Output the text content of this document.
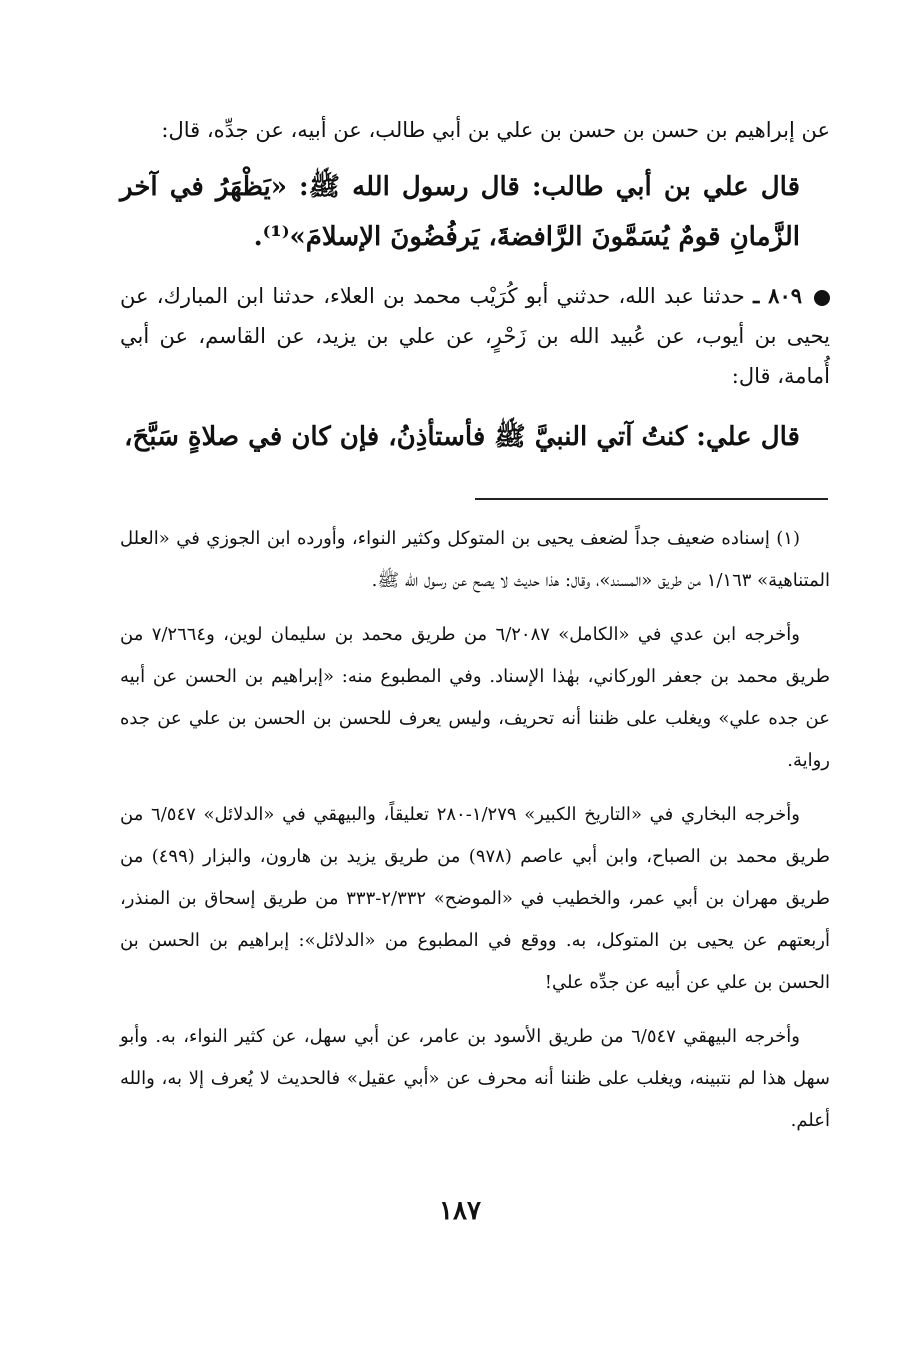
عن إبراهيم بن حسن بن حسن بن علي بن أبي طالب، عن أبيه، عن جدِّه، قال:

قال علي بن أبي طالب: قال رسول الله ﷺ: «يَظْهَرُ في آخر الزَّمانِ قومٌ يُسَمَّونَ الرَّافضةَ، يَرفُضُونَ الإسلامَ»⁽¹⁾.

٨٠٩ ـ حدثنا عبد الله، حدثني أبو كُرَيْب محمد بن العلاء، حدثنا ابن المبارك، عن يحيى بن أيوب، عن عُبيد الله بن زَحْرٍ، عن علي بن يزيد، عن القاسم، عن أبي أُمامة، قال:

قال علي: كنتُ آتي النبيَّ ﷺ فأستأذِنُ، فإن كان في صلاةٍ سَبَّحَ،

(١) إسناده ضعيف جداً لضعف يحيى بن المتوكل وكثير النواء، وأورده ابن الجوزي في «العلل المتناهية» ١/١٦٣ من طريق «المسند»، وقال: هذا حديث لا يصح عن رسول الله ﷺ.

وأخرجه ابن عدي في «الكامل» ٦/٢٠٨٧ من طريق محمد بن سليمان لوين، و٧/٢٦٦٤ من طريق محمد بن جعفر الوركاني، بهٰذا الإسناد. وفي المطبوع منه: «إبراهيم بن الحسن عن أبيه عن جده علي» ويغلب على ظننا أنه تحريف، وليس يعرف للحسن بن الحسن بن علي عن جده رواية.

وأخرجه البخاري في «التاريخ الكبير» ١/٢٧٩-٢٨٠ تعليقاً، والبيهقي في «الدلائل» ٦/٥٤٧ من طريق محمد بن الصباح، وابن أبي عاصم (٩٧٨) من طريق يزيد بن هارون، والبزار (٤٩٩) من طريق مهران بن أبي عمر، والخطيب في «الموضح» ٢/٣٣٢-٣٣٣ من طريق إسحاق بن المنذر، أربعتهم عن يحيى بن المتوكل، به. ووقع في المطبوع من «الدلائل»: إبراهيم بن الحسن بن الحسن بن علي عن أبيه عن جدِّه علي!

وأخرجه البيهقي ٦/٥٤٧ من طريق الأسود بن عامر، عن أبي سهل، عن كثير النواء، به. وأبو سهل هذا لم نتبينه، ويغلب على ظننا أنه محرف عن «أبي عقيل» فالحديث لا يُعرف إلا به، والله أعلم.

١٨٧
